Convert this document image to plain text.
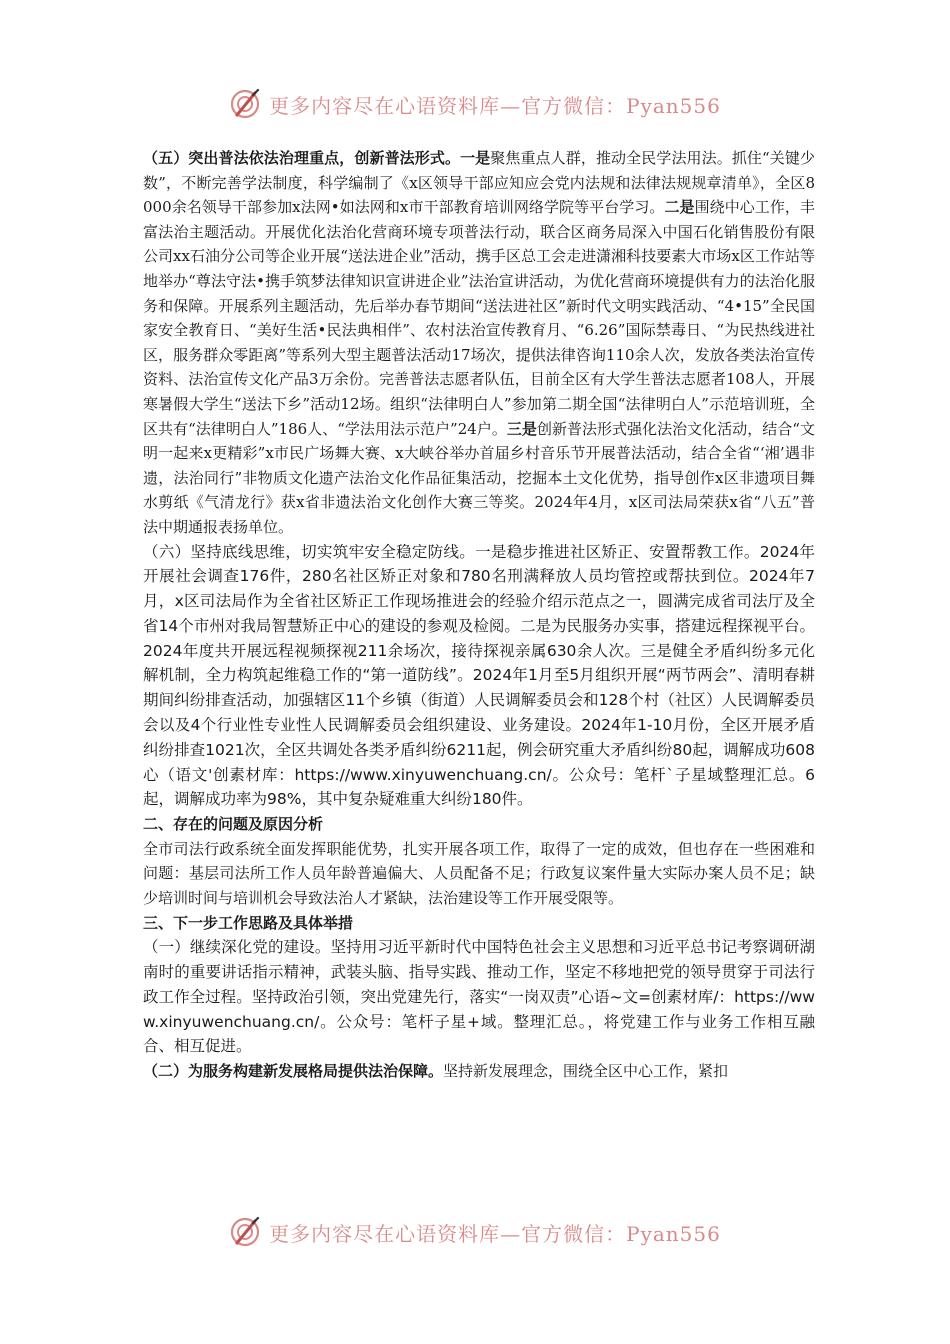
更多内容尽在心语资料库—官方微信：Pyan556

（五）突出普法依法治理重点，创新普法形式。一是聚焦重点人群，推动全民学法用法。抓住“关键少数”，不断完善学法制度，科学编制了《x区领导干部应知应会党内法规和法律法规规章清单》，全区8000余名领导干部参加x法网•如法网和x市干部教育培训网络学院等平台学习。二是围绕中心工作，丰富法治主题活动。开展优化法治化营商环境专项普法行动，联合区商务局深入中国石化销售股份有限公司xx石油分公司等企业开展“送法进企业”活动，携手区总工会走进潇湘科技要素大市场x区工作站等地举办“尊法守法•携手筑梦法律知识宣讲进企业”法治宣讲活动，为优化营商环境提供有力的法治化服务和保障。开展系列主题活动，先后举办春节期间“送法进社区”新时代文明实践活动、“4•15”全民国家安全教育日、“美好生活•民法典相伴”、农村法治宣传教育月、“6.26”国际禁毒日、“为民热线进社区，服务群众零距离”等系列大型主题普法活动17场次，提供法律咨询110余人次，发放各类法治宣传资料、法治宣传文化产品3万余份。完善普法志愿者队伍，目前全区有大学生普法志愿者108人，开展寒暑假大学生“送法下乡”活动12场。组织“法律明白人”参加第二期全国“法律明白人”示范培训班，全区共有“法律明白人”186人、“学法用法示范户”24户。三是创新普法形式强化法治文化活动，结合“文明一起来x更精彩”x市民广场舞大赛、x大峡谷举办首届乡村音乐节开展普法活动，结合全省“‘湘’遇非遗，法治同行”非物质文化遗产法治文化作品征集活动，挖掘本土文化优势，指导创作x区非遗项目舞水剪纸《气清龙行》获x省非遗法治文化创作大赛三等奖。2024年4月，x区司法局荣获x省“八五”普法中期通报表扬单位。

（六）坚持底线思维，切实筑牢安全稳定防线。一是稳步推进社区矫正、安置帮教工作。2024年开展社会调查176件，280名社区矫正对象和780名刑满释放人员均管控或帮扶到位。2024年7月，x区司法局作为全省社区矫正工作现场推进会的经验介绍示范点之一，圆满完成省司法厅及全省14个市州对我局智慧矫正中心的建设的参观及检阅。二是为民服务办实事，搭建远程探视平台。2024年度共开展远程视频探视211余场次，接待探视亲属630余人次。三是健全矛盾纠纷多元化解机制，全力构筑起维稳工作的“第一道防线”。2024年1月至5月组织开展“两节两会”、清明春耕期间纠纷排查活动，加强辖区11个乡镇（街道）人民调解委员会和128个村（社区）人民调解委员会以及4个行业性专业性人民调解委员会组织建设、业务建设。2024年1-10月份，全区开展矛盾纠纷排查1021次，全区共调处各类矛盾纠纷6211起，例会研究重大矛盾纠纷80起，调解成功608心（语文'创素材库：https://www.xinyuwenchuang.cn/。公众号：笔杆`子星域整理汇总。6起，调解成功率为98%，其中复杂疑难重大纠纷180件。

二、存在的问题及原因分析

全市司法行政系统全面发挥职能优势，扎实开展各项工作，取得了一定的成效，但也存在一些困难和问题：基层司法所工作人员年龄普遍偏大、人员配备不足；行政复议案件量大实际办案人员不足；缺少培训时间与培训机会导致法治人才紧缺，法治建设等工作开展受限等。

三、下一步工作思路及具体举措

（一）继续深化党的建设。坚持用习近平新时代中国特色社会主义思想和习近平总书记考察调研湖南时的重要讲话指示精神，武装头脑、指导实践、推动工作，坚定不移地把党的领导贯穿于司法行政工作全过程。坚持政治引领，突出党建先行，落实“一岗双责”心语~文=创素材库/：https://www.xinyuwenchuang.cn/。公众号：笔杆子星+域。整理汇总。，将党建工作与业务工作相互融合、相互促进。

（二）为服务构建新发展格局提供法治保障。坚持新发展理念，围绕全区中心工作，紧扣

更多内容尽在心语资料库—官方微信：Pyan556
